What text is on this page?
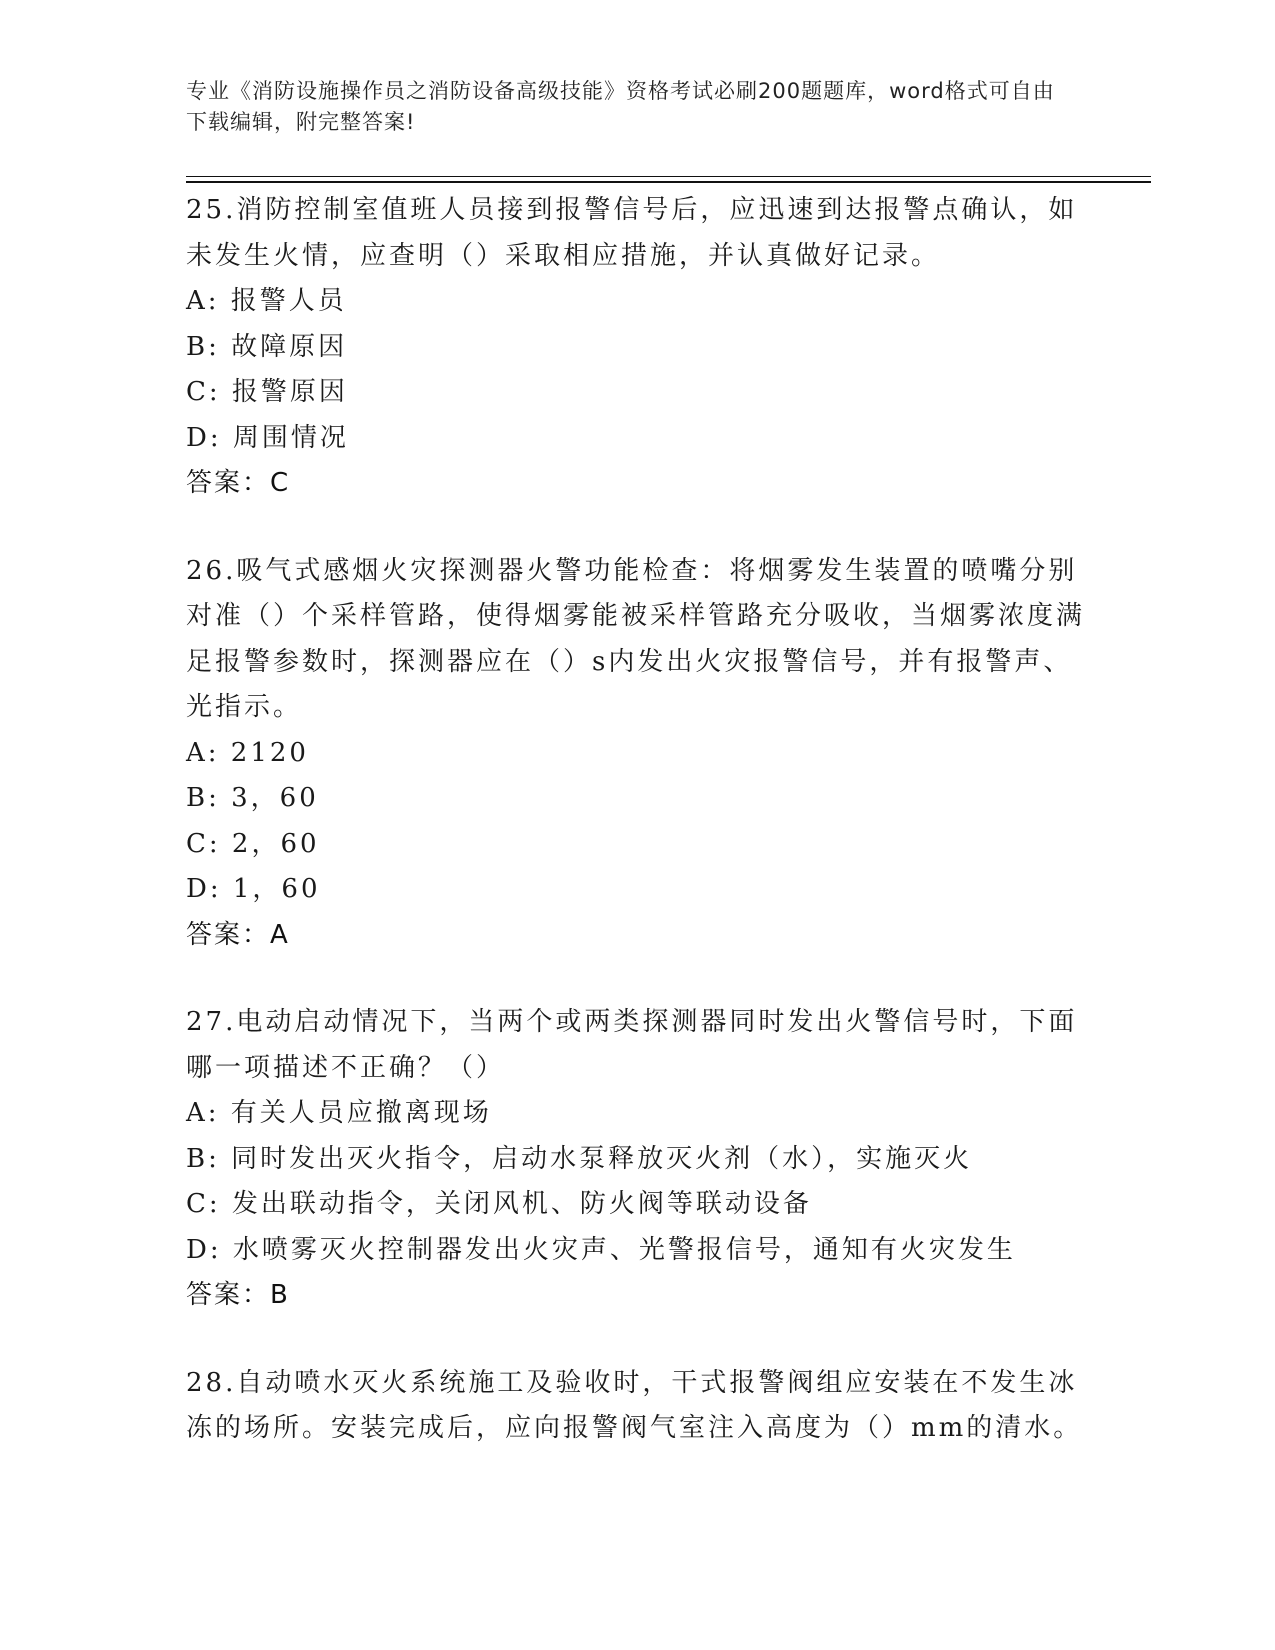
专业《消防设施操作员之消防设备高级技能》资格考试必刷200题题库，word格式可自由下载编辑，附完整答案!
25.消防控制室值班人员接到报警信号后，应迅速到达报警点确认，如未发生火情，应查明（）采取相应措施，并认真做好记录。
A: 报警人员
B: 故障原因
C: 报警原因
D: 周围情况
答案：C
26.吸气式感烟火灾探测器火警功能检查：将烟雾发生装置的喷嘴分别对准（）个采样管路，使得烟雾能被采样管路充分吸收，当烟雾浓度满足报警参数时，探测器应在（）s内发出火灾报警信号，并有报警声、光指示。
A: 2120
B: 3，60
C: 2，60
D: 1，60
答案：A
27.电动启动情况下，当两个或两类探测器同时发出火警信号时，下面哪一项描述不正确？（）
A: 有关人员应撤离现场
B: 同时发出灭火指令，启动水泵释放灭火剂（水），实施灭火
C: 发出联动指令，关闭风机、防火阀等联动设备
D: 水喷雾灭火控制器发出火灾声、光警报信号，通知有火灾发生
答案：B
28.自动喷水灭火系统施工及验收时，干式报警阀组应安装在不发生冰冻的场所。安装完成后，应向报警阀气室注入高度为（）mm的清水。
